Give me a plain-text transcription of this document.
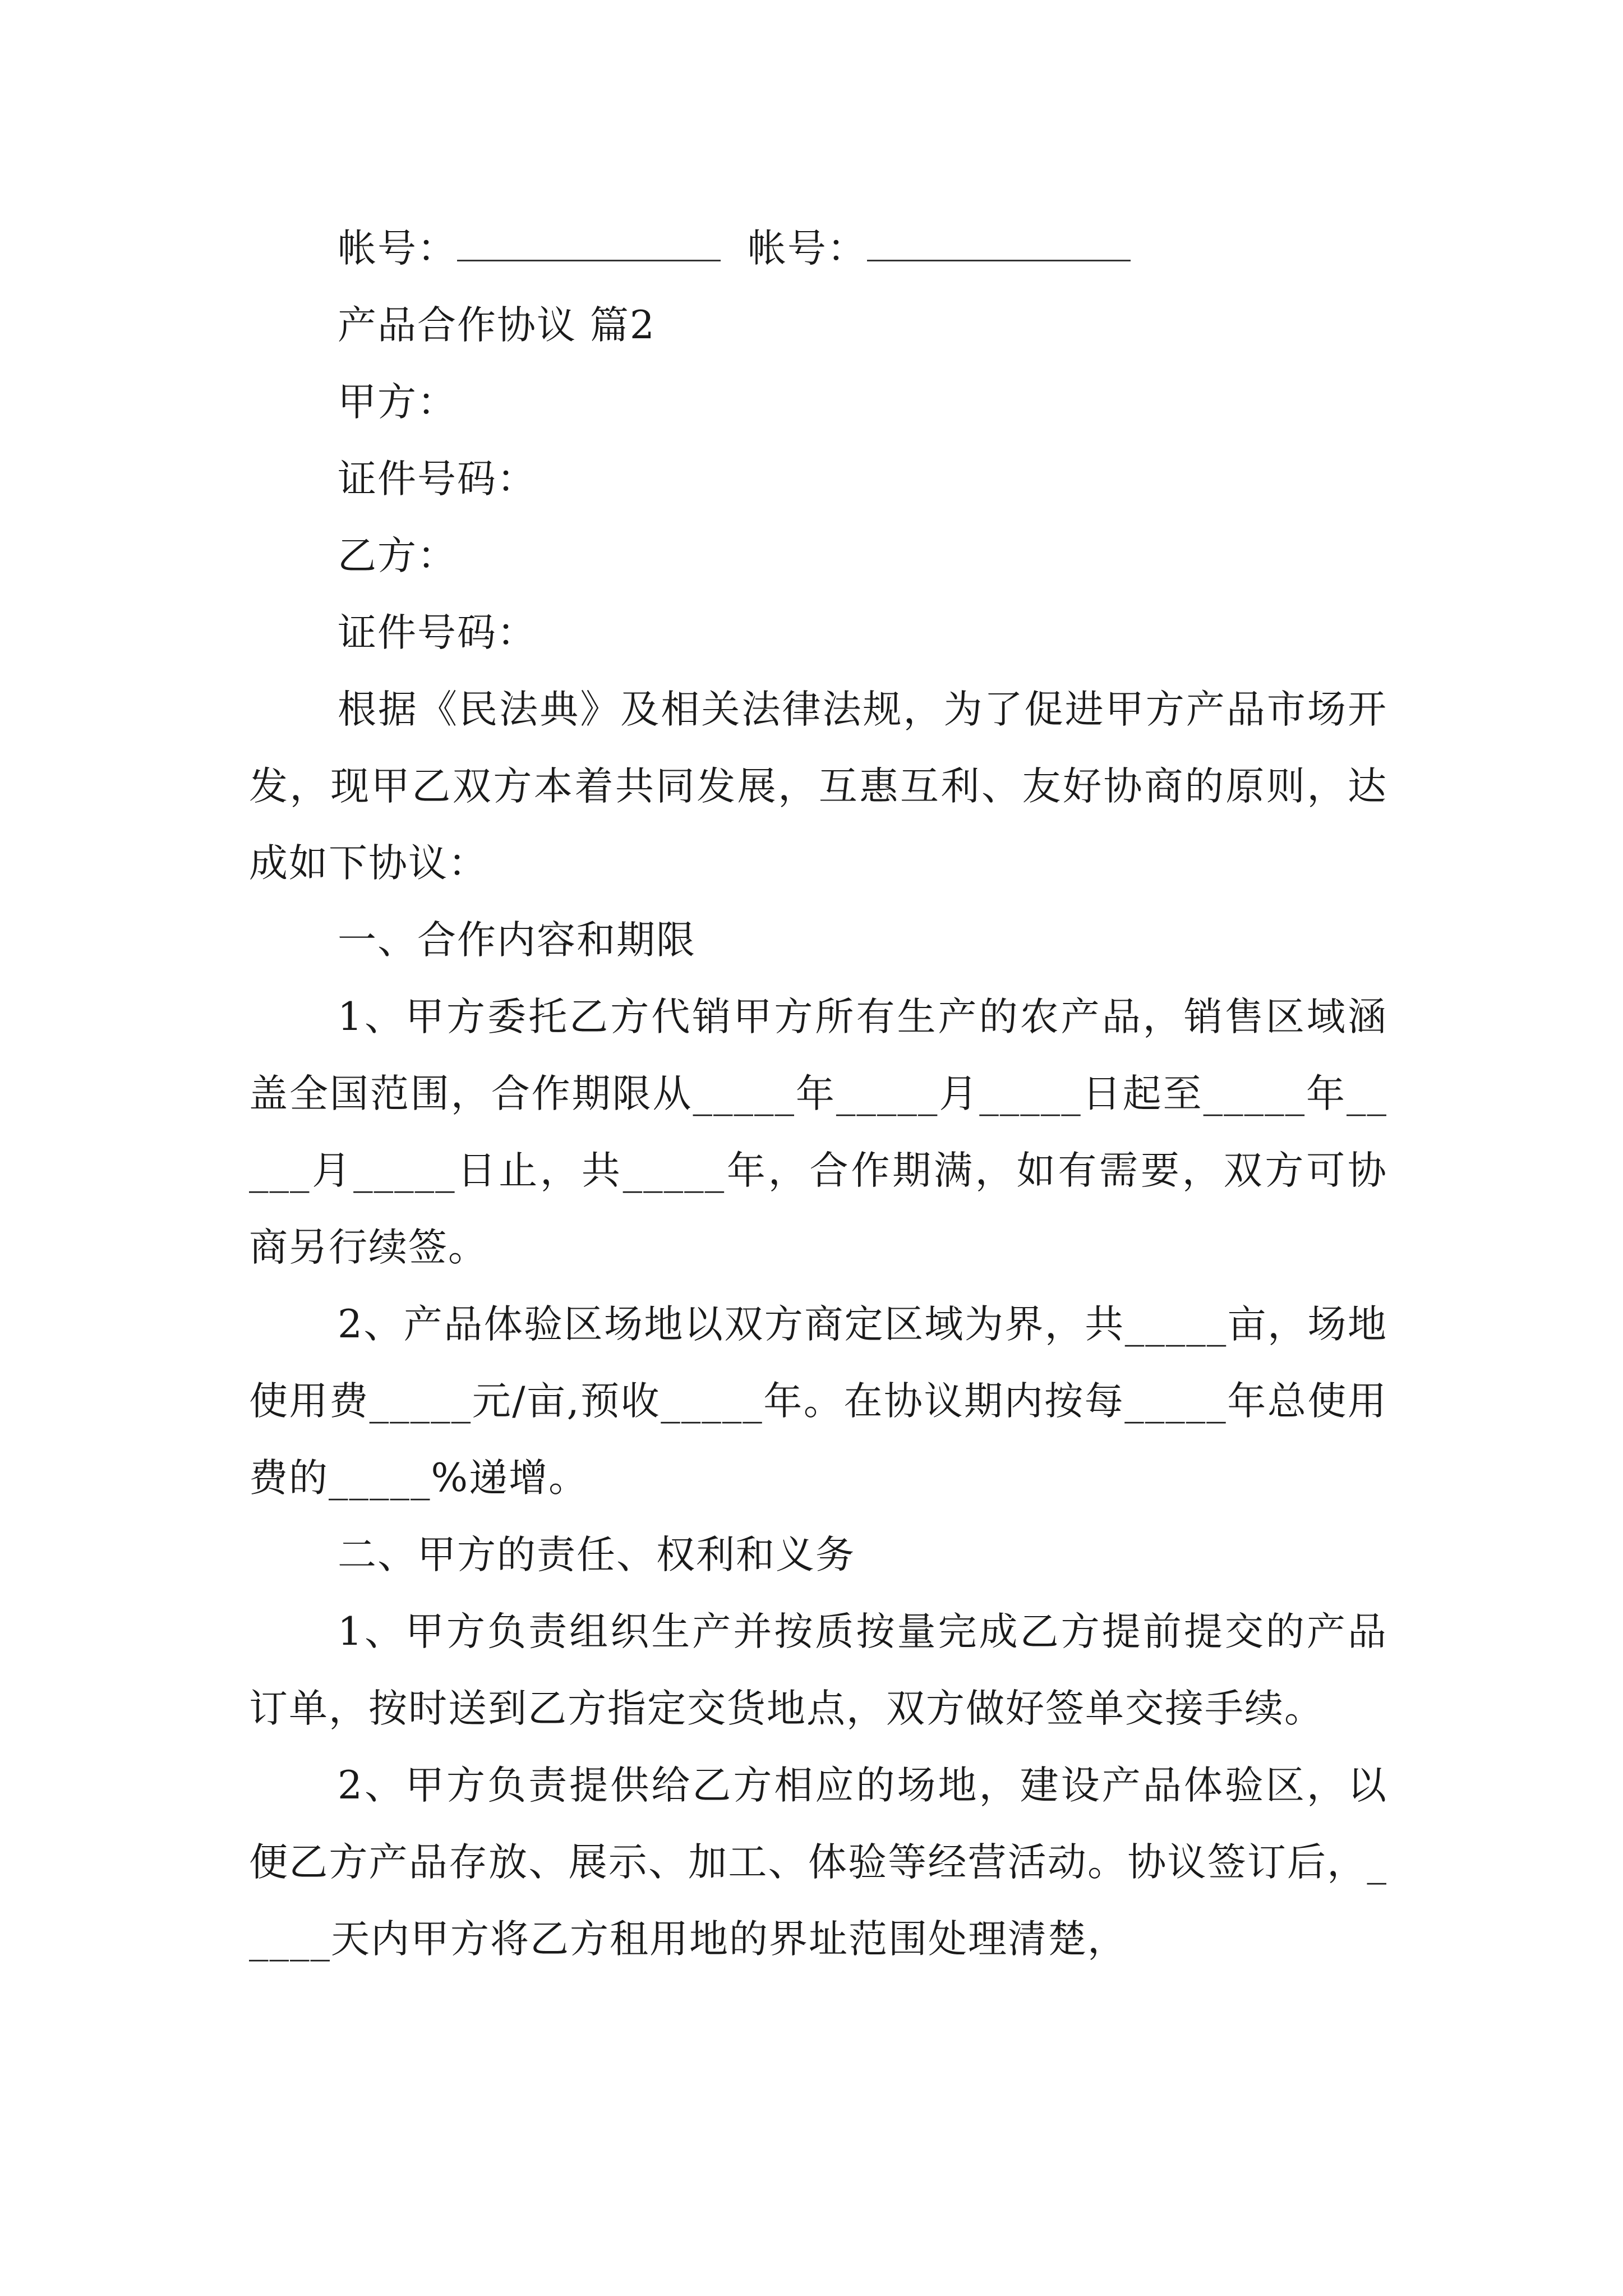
帐号：	帐号：
产品合作协议 篇2
甲方：
证件号码：
乙方：
证件号码：
根据《民法典》及相关法律法规，为了促进甲方产品市场开发，现甲乙双方本着共同发展，互惠互利、友好协商的原则，达成如下协议：
一、合作内容和期限
1、甲方委托乙方代销甲方所有生产的农产品，销售区域涵盖全国范围，合作期限从_____年_____月_____日起至_____年_____月_____日止，共_____年，合作期满，如有需要，双方可协商另行续签。
2、产品体验区场地以双方商定区域为界，共_____亩，场地使用费_____元/亩,预收_____年。在协议期内按每_____年总使用费的_____%递增。
二、甲方的责任、权利和义务
1、甲方负责组织生产并按质按量完成乙方提前提交的产品订单，按时送到乙方指定交货地点，双方做好签单交接手续。
2、甲方负责提供给乙方相应的场地，建设产品体验区，以便乙方产品存放、展示、加工、体验等经营活动。协议签订后，_____天内甲方将乙方租用地的界址范围处理清楚，
